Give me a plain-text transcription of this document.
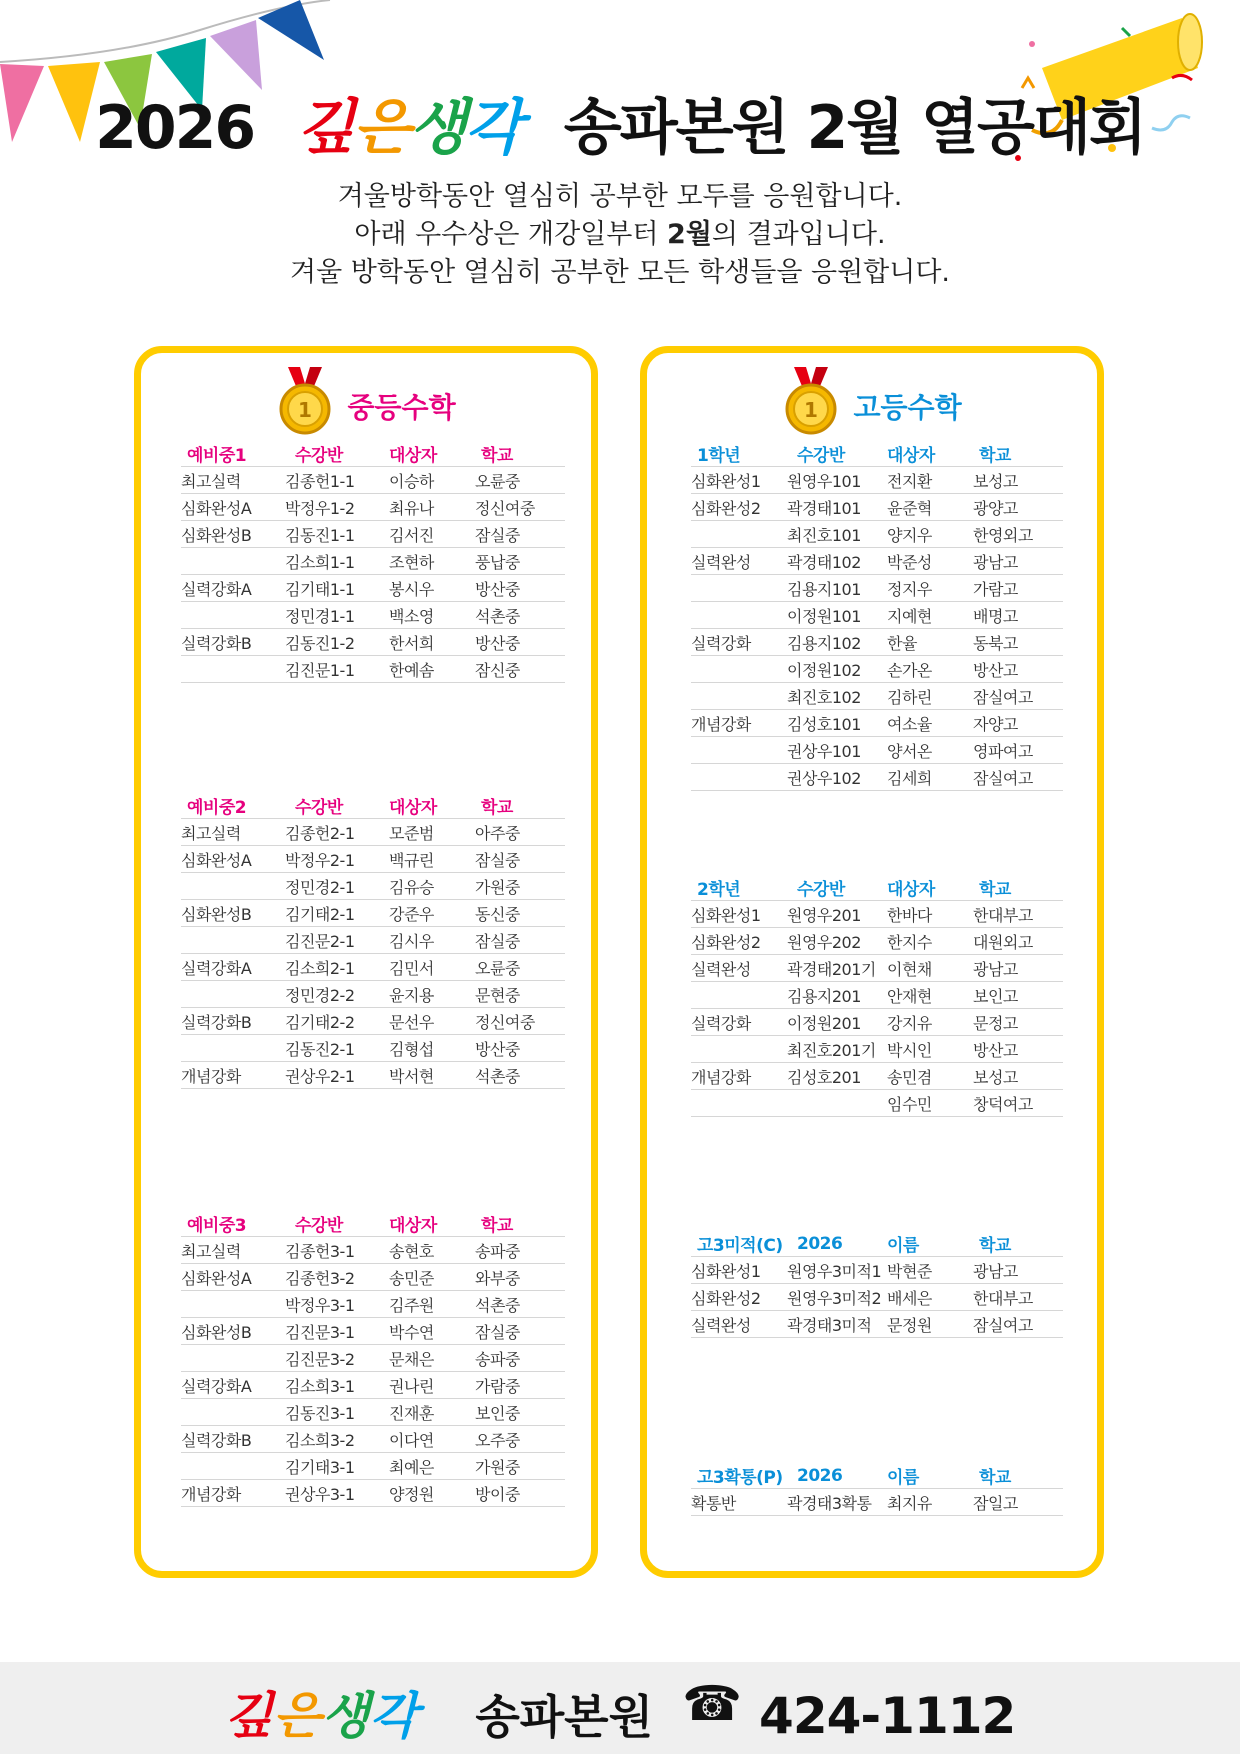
2026 깊은생각 송파본원 2월 열공대회

겨울방학동안 열심히 공부한 모두를 응원합니다.

아래 우수상은 개강일부터 2월의 결과입니다.

겨울 방학동안 열심히 공부한 모든 학생들을 응원합니다.

1 중등수학
예비중1	수강반	대상자	학교
최고실력	김종헌1-1	이승하	오륜중
심화완성A	박정우1-2	최유나	정신여중
심화완성B	김동진1-1	김서진	잠실중
	김소희1-1	조현하	풍납중
실력강화A	김기태1-1	봉시우	방산중
	정민경1-1	백소영	석촌중
실력강화B	김동진1-2	한서희	방산중
	김진문1-1	한예솜	잠신중
예비중2	수강반	대상자	학교
최고실력	김종헌2-1	모준범	아주중
심화완성A	박정우2-1	백규린	잠실중
	정민경2-1	김유승	가원중
심화완성B	김기태2-1	강준우	동신중
	김진문2-1	김시우	잠실중
실력강화A	김소희2-1	김민서	오륜중
	정민경2-2	윤지용	문현중
실력강화B	김기태2-2	문선우	정신여중
	김동진2-1	김형섭	방산중
개념강화	권상우2-1	박서현	석촌중
예비중3	수강반	대상자	학교
최고실력	김종헌3-1	송현호	송파중
심화완성A	김종헌3-2	송민준	와부중
	박정우3-1	김주원	석촌중
심화완성B	김진문3-1	박수연	잠실중
	김진문3-2	문채은	송파중
실력강화A	김소희3-1	권나린	가람중
	김동진3-1	진재훈	보인중
실력강화B	김소희3-2	이다연	오주중
	김기태3-1	최예은	가원중
개념강화	권상우3-1	양정원	방이중
1 고등수학
1학년	수강반	대상자	학교
심화완성1	원영우101	전지환	보성고
심화완성2	곽경태101	윤준혁	광양고
	최진호101	양지우	한영외고
실력완성	곽경태102	박준성	광남고
	김용지101	정지우	가람고
	이정원101	지예현	배명고
실력강화	김용지102	한율	동북고
	이정원102	손가온	방산고
	최진호102	김하린	잠실여고
개념강화	김성호101	여소율	자양고
	권상우101	양서온	영파여고
	권상우102	김세희	잠실여고
2학년	수강반	대상자	학교
심화완성1	원영우201	한바다	한대부고
심화완성2	원영우202	한지수	대원외고
실력완성	곽경태201기	이현채	광남고
	김용지201	안재현	보인고
실력강화	이정원201	강지유	문정고
	최진호201기	박시인	방산고
개념강화	김성호201	송민겸	보성고
		임수민	창덕여고
고3미적(C)	2026	이름	학교
심화완성1	원영우3미적1	박현준	광남고
심화완성2	원영우3미적2	배세은	한대부고
실력완성	곽경태3미적	문정원	잠실여고
고3확통(P)	2026	이름	학교
확통반	곽경태3확통	최지유	잠일고
깊은생각 송파본원 ☎ 424-1112
